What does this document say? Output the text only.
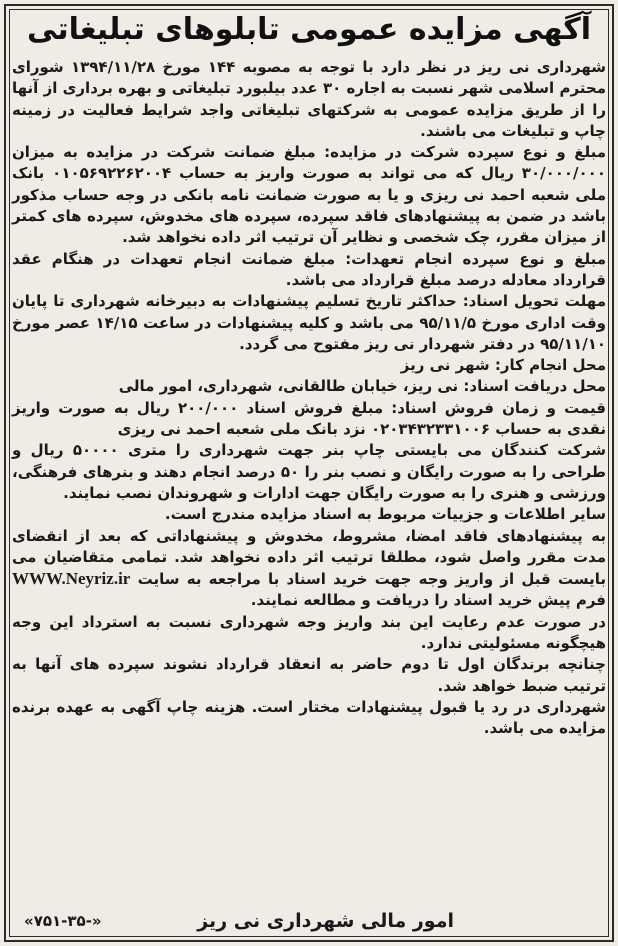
آگهی مزایده عمومی تابلوهای تبلیغاتی

شهرداری نی ریز در نظر دارد با توجه به مصوبه ۱۴۴ مورخ ۱۳۹۴/۱۱/۲۸ شورای محترم اسلامی شهر نسبت به اجاره ۳۰ عدد بیلبورد تبلیغاتی و بهره برداری از آنها را از طریق مزایده عمومی به شرکتهای تبلیغاتی واجد شرایط فعالیت در زمینه چاپ و تبلیغات می باشند.

مبلغ و نوع سپرده شرکت در مزایده: مبلغ ضمانت شرکت در مزایده به میزان ۳۰/۰۰۰/۰۰۰ ریال که می تواند به صورت واریز به حساب ۰۱۰۵۶۹۲۲۶۲۰۰۴ بانک ملی شعبه احمد نی ریزی و یا به صورت ضمانت نامه بانکی در وجه حساب مذکور باشد در ضمن به پیشنهادهای فاقد سپرده، سپرده های مخدوش، سپرده های کمتر از میزان مقرر، چک شخصی و نظایر آن ترتیب اثر داده نخواهد شد.

مبلغ و نوع سپرده انجام تعهدات: مبلغ ضمانت انجام تعهدات در هنگام عقد قرارداد معادله درصد مبلغ قرارداد می باشد.

مهلت تحویل اسناد: حداکثر تاریخ تسلیم پیشنهادات به دبیرخانه شهرداری تا پایان وقت اداری مورخ ۹۵/۱۱/۵ می باشد و کلیه پیشنهادات در ساعت ۱۴/۱۵ عصر مورخ ۹۵/۱۱/۱۰ در دفتر شهردار نی ریز مفتوح می گردد.

محل انجام کار: شهر نی ریز

محل دریافت اسناد: نی ریز، خیابان طالقانی، شهرداری، امور مالی

قیمت و زمان فروش اسناد: مبلغ فروش اسناد ۲۰۰/۰۰۰ ریال به صورت واریز نقدی به حساب ۰۲۰۳۴۳۲۳۳۱۰۰۶ نزد بانک ملی شعبه احمد نی ریزی

شرکت کنندگان می بایستی چاپ بنر جهت شهرداری را متری ۵۰۰۰۰ ریال و طراحی را به صورت رایگان و نصب بنر را ۵۰ درصد انجام دهند و بنرهای فرهنگی، ورزشی و هنری را به صورت رایگان جهت ادارات و شهروندان نصب نمایند.

سایر اطلاعات و جزییات مربوط به اسناد مزایده مندرج است.

به پیشنهادهای فاقد امضا، مشروط، مخدوش و پیشنهاداتی که بعد از انقضای مدت مقرر واصل شود، مطلقا ترتیب اثر داده نخواهد شد. تمامی متقاضیان می بایست قبل از واریز وجه جهت خرید اسناد با مراجعه به سایت WWW.Neyriz.ir فرم پیش خرید اسناد را دریافت و مطالعه نمایند.

در صورت عدم رعایت این بند واریز وجه شهرداری نسبت به استرداد این وجه هیچگونه مسئولیتی ندارد.

چنانچه برندگان اول تا دوم حاضر به انعقاد قرارداد نشوند سپرده های آنها به ترتیب ضبط خواهد شد.

شهرداری در رد یا قبول پیشنهادات مختار است. هزینه چاپ آگهی به عهده برنده مزایده می باشد.

امور مالی شهرداری نی ریز
«۷۵۱-۳۵-»
